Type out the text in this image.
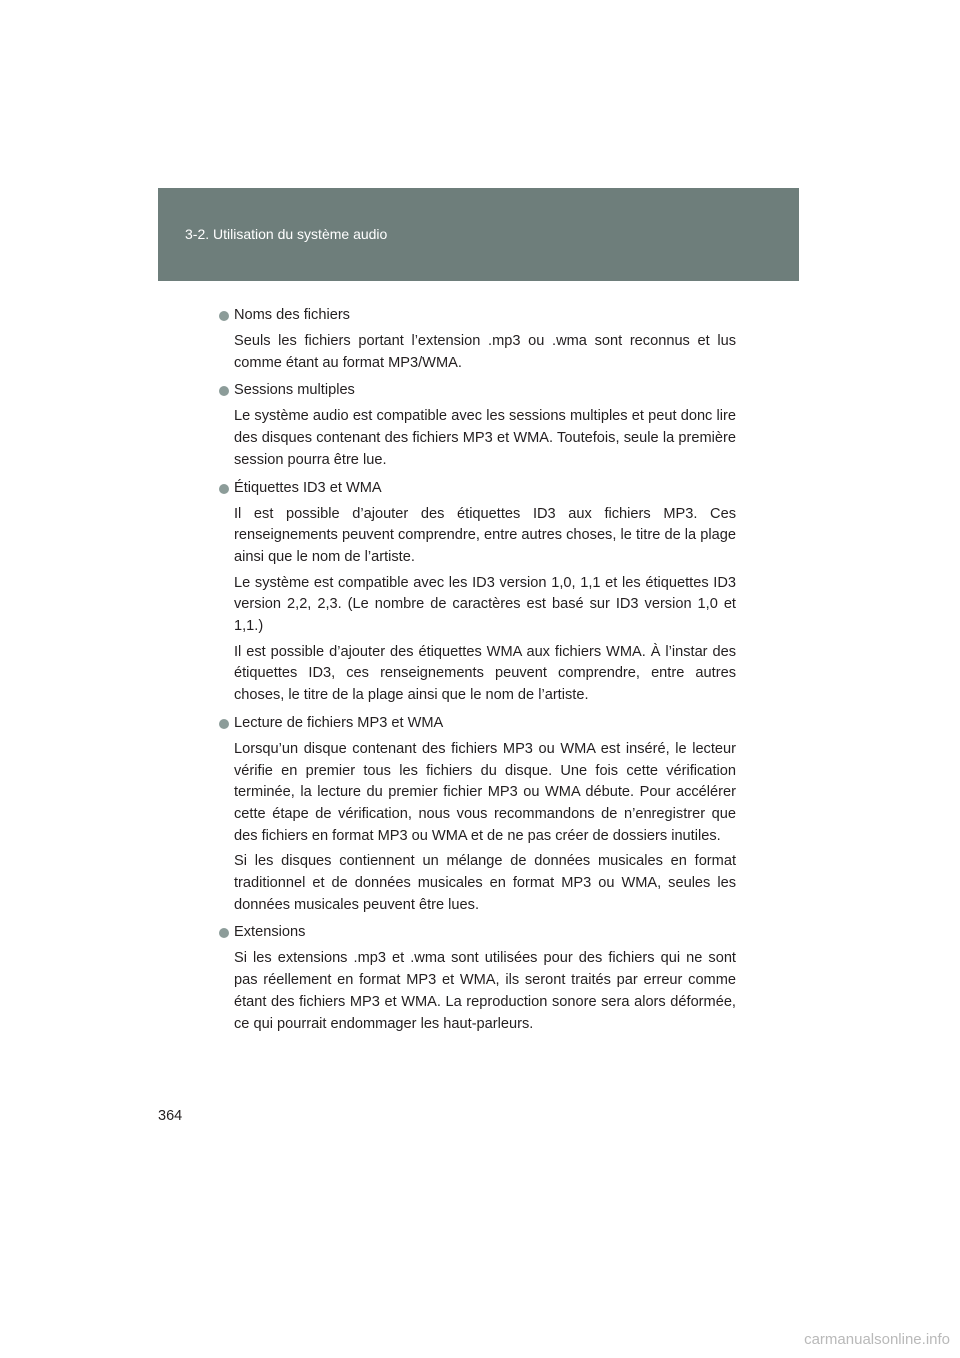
3-2. Utilisation du système audio
Noms des fichiers

Seuls les fichiers portant l’extension .mp3 ou .wma sont reconnus et lus comme étant au format MP3/WMA.

Sessions multiples

Le système audio est compatible avec les sessions multiples et peut donc lire des disques contenant des fichiers MP3 et WMA. Toutefois, seule la première session pourra être lue.

Étiquettes ID3 et WMA

Il est possible d’ajouter des étiquettes ID3 aux fichiers MP3. Ces renseignements peuvent comprendre, entre autres choses, le titre de la plage ainsi que le nom de l’artiste.

Le système est compatible avec les ID3 version 1,0, 1,1 et les étiquettes ID3 version 2,2, 2,3. (Le nombre de caractères est basé sur ID3 version 1,0 et 1,1.)

Il est possible d’ajouter des étiquettes WMA aux fichiers WMA. À l’instar des étiquettes ID3, ces renseignements peuvent comprendre, entre autres choses, le titre de la plage ainsi que le nom de l’artiste.

Lecture de fichiers MP3 et WMA

Lorsqu’un disque contenant des fichiers MP3 ou WMA est inséré, le lecteur vérifie en premier tous les fichiers du disque. Une fois cette vérification terminée, la lecture du premier fichier MP3 ou WMA débute. Pour accélérer cette étape de vérification, nous vous recommandons de n’enregistrer que des fichiers en format MP3 ou WMA et de ne pas créer de dossiers inutiles.

Si les disques contiennent un mélange de données musicales en format traditionnel et de données musicales en format MP3 ou WMA, seules les données musicales peuvent être lues.

Extensions

Si les extensions .mp3 et .wma sont utilisées pour des fichiers qui ne sont pas réellement en format MP3 et WMA, ils seront traités par erreur comme étant des fichiers MP3 et WMA. La reproduction sonore sera alors déformée, ce qui pourrait endommager les haut-parleurs.

364
carmanualsonline.info
